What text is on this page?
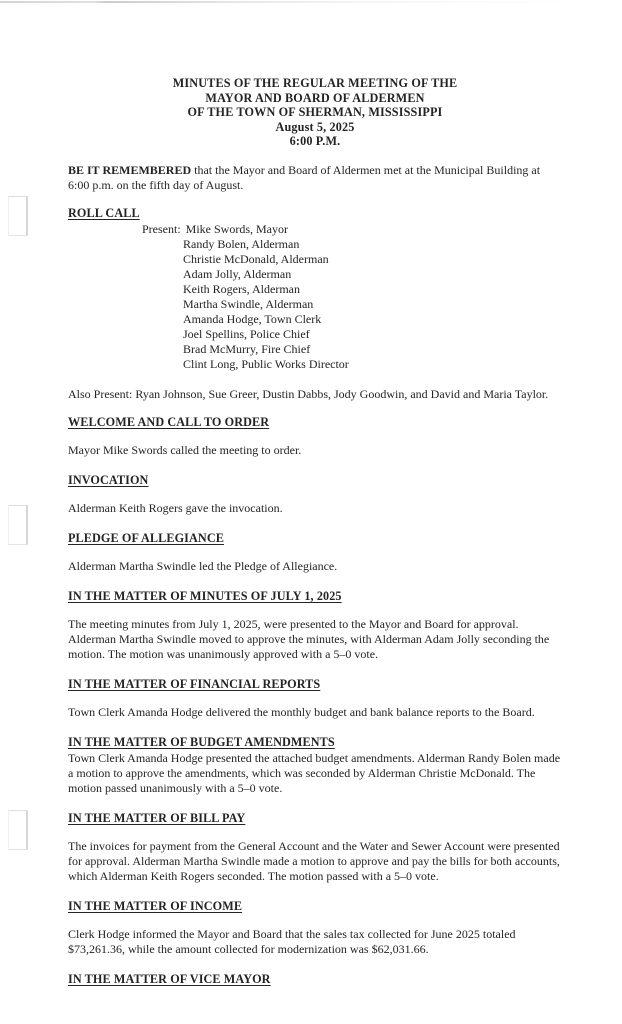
MINUTES OF THE REGULAR MEETING OF THE
MAYOR AND BOARD OF ALDERMEN
OF THE TOWN OF SHERMAN, MISSISSIPPI
August 5, 2025
6:00 P.M.

BE IT REMEMBERED that the Mayor and Board of Aldermen met at the Municipal Building at 6:00 p.m. on the fifth day of August.

ROLL CALL
Present: Mike Swords, Mayor
Randy Bolen, Alderman
Christie McDonald, Alderman
Adam Jolly, Alderman
Keith Rogers, Alderman
Martha Swindle, Alderman
Amanda Hodge, Town Clerk
Joel Spellins, Police Chief
Brad McMurry, Fire Chief
Clint Long, Public Works Director

Also Present: Ryan Johnson, Sue Greer, Dustin Dabbs, Jody Goodwin, and David and Maria Taylor.

WELCOME AND CALL TO ORDER

Mayor Mike Swords called the meeting to order.

INVOCATION

Alderman Keith Rogers gave the invocation.

PLEDGE OF ALLEGIANCE

Alderman Martha Swindle led the Pledge of Allegiance.

IN THE MATTER OF MINUTES OF JULY 1, 2025

The meeting minutes from July 1, 2025, were presented to the Mayor and Board for approval. Alderman Martha Swindle moved to approve the minutes, with Alderman Adam Jolly seconding the motion. The motion was unanimously approved with a 5–0 vote.

IN THE MATTER OF FINANCIAL REPORTS

Town Clerk Amanda Hodge delivered the monthly budget and bank balance reports to the Board.

IN THE MATTER OF BUDGET AMENDMENTS

Town Clerk Amanda Hodge presented the attached budget amendments. Alderman Randy Bolen made a motion to approve the amendments, which was seconded by Alderman Christie McDonald. The motion passed unanimously with a 5–0 vote.

IN THE MATTER OF BILL PAY

The invoices for payment from the General Account and the Water and Sewer Account were presented for approval. Alderman Martha Swindle made a motion to approve and pay the bills for both accounts, which Alderman Keith Rogers seconded. The motion passed with a 5–0 vote.

IN THE MATTER OF INCOME

Clerk Hodge informed the Mayor and Board that the sales tax collected for June 2025 totaled $73,261.36, while the amount collected for modernization was $62,031.66.

IN THE MATTER OF VICE MAYOR
